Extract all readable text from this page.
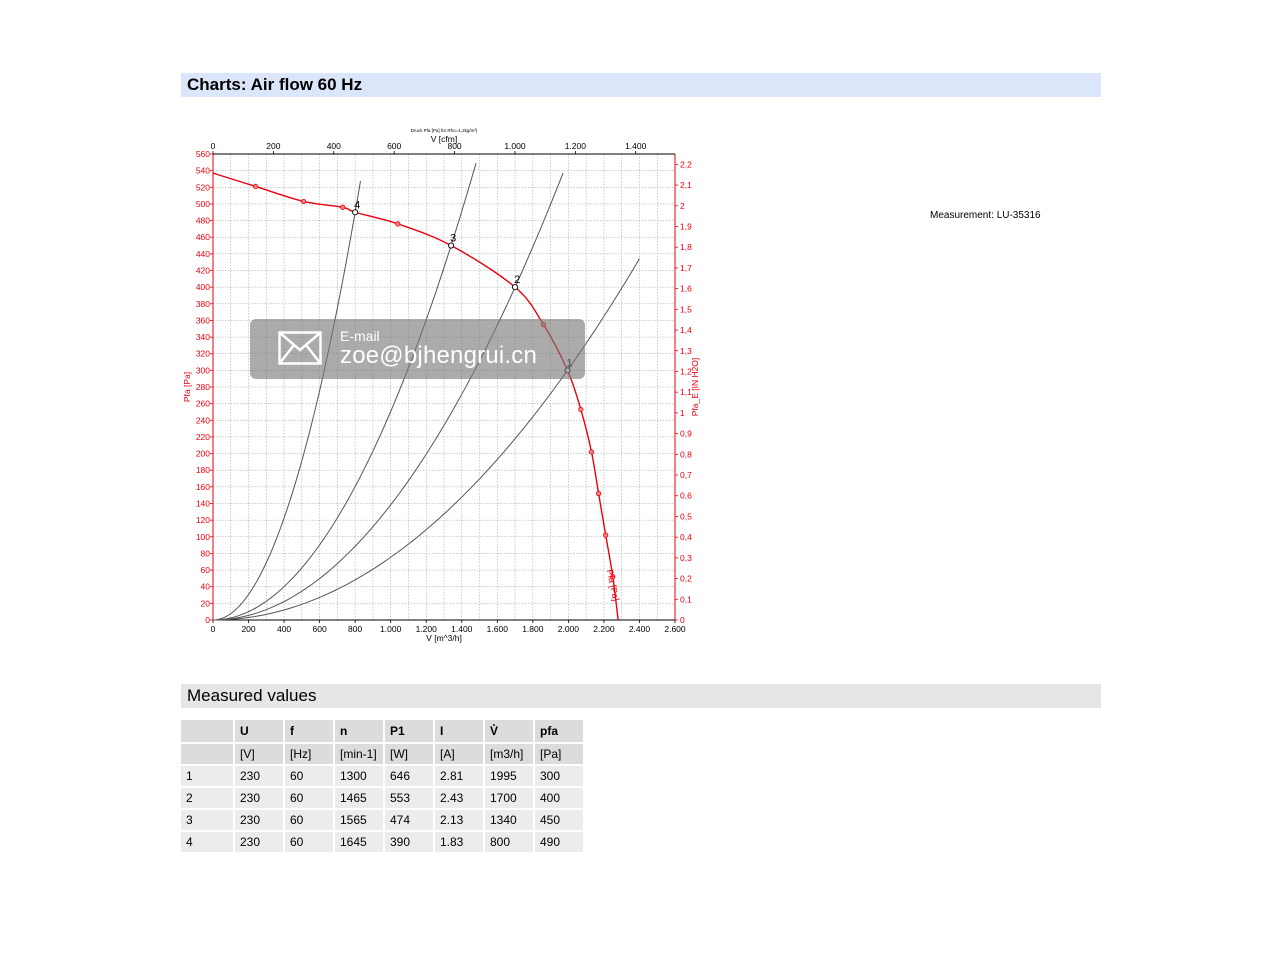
Charts: Air flow 60 Hz
0	200	400	600	800 1.000 1.200 1.400 1.600 1.800 2.000 2.200 2.400 2.600
0	200	400	600	800	1.000	1.200	1.400
0
20
40
60
80
100
120
140
160
180
200
220
240
260
280
300
320
340
360
380
400
420
440
460
480
500
520
540
560
0
0,1
0,2
0,3
0,4
0,5
0,6
0,7
0,8
0,9
1
1,1
1,2
1,3
1,4
1,5
1,6
1,7
1,8
1,9
2
2,1
2,2
V [m^3/h]
V [cfm]
Druck Pfa [Pa] für Rho=1,2kg/m³)
Pfa [Pa]	Pfa_E [IN H2O]
Pfa [Pa]
2
3
4
Measurement: LU-35316
E-mail
zoe@bjhengrui.cn
Measured values
	U	f	n	P1	I	V̊	pfa
	[V]	[Hz]	[min-1]	[W]	[A]	[m3/h]	[Pa]
1	230	60	1300	646	2.81	1995	300
2	230	60	1465	553	2.43	1700	400
3	230	60	1565	474	2.13	1340	450
4	230	60	1645	390	1.83	800	490
